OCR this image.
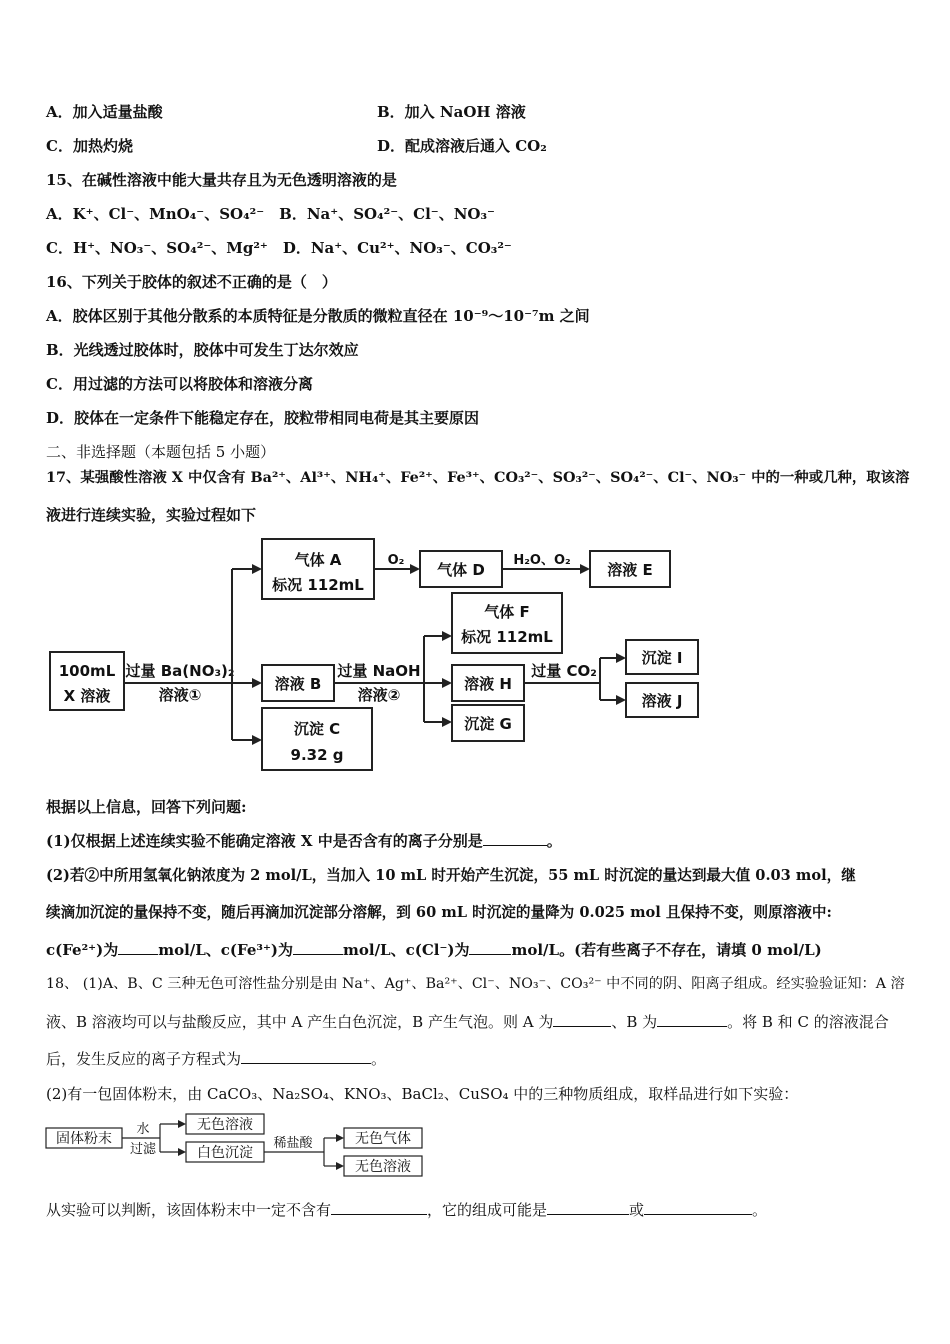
A．加入适量盐酸	B．加入 NaOH 溶液
C．加热灼烧	D．配成溶液后通入 CO₂
15、在碱性溶液中能大量共存且为无色透明溶液的是
A．K⁺、Cl⁻、MnO₄⁻、SO₄²⁻　B．Na⁺、SO₄²⁻、Cl⁻、NO₃⁻
C．H⁺、NO₃⁻、SO₄²⁻、Mg²⁺　D．Na⁺、Cu²⁺、NO₃⁻、CO₃²⁻
16、下列关于胶体的叙述不正确的是（　）
A．胶体区别于其他分散系的本质特征是分散质的微粒直径在 10⁻⁹～10⁻⁷m 之间
B．光线透过胶体时，胶体中可发生丁达尔效应
C．用过滤的方法可以将胶体和溶液分离
D．胶体在一定条件下能稳定存在，胶粒带相同电荷是其主要原因
二、非选择题（本题包括 5 小题）
17、某强酸性溶液 X 中仅含有 Ba²⁺、Al³⁺、NH₄⁺、Fe²⁺、Fe³⁺、CO₃²⁻、SO₃²⁻、SO₄²⁻、Cl⁻、NO₃⁻ 中的一种或几种，取该溶
液进行连续实验，实验过程如下
100mL
X 溶液
过量 Ba(NO₃)₂
溶液①
气体 A
标况 112mL
O₂
气体 D
H₂O、O₂
溶液 E
溶液 B
过量 NaOH
溶液②
气体 F
标况 112mL
溶液 H
沉淀 G
过量 CO₂
沉淀 I
溶液 J
沉淀 C
9.32 g
固体粉末
水
过滤
无色溶液
白色沉淀
稀盐酸	无色气体
无色溶液
根据以上信息，回答下列问题:
(1)仅根据上述连续实验不能确定溶液 X 中是否含有的离子分别是	。
(2)若②中所用氢氧化钠浓度为 2 mol/L，当加入 10 mL 时开始产生沉淀，55 mL 时沉淀的量达到最大值 0.03 mol，继
续滴加沉淀的量保持不变，随后再滴加沉淀部分溶解，到 60 mL 时沉淀的量降为 0.025 mol 且保持不变，则原溶液中:
c(Fe²⁺)为	mol/L、c(Fe³⁺)为	mol/L、c(Cl⁻)为	mol/L。(若有些离子不存在，请填 0 mol/L)
18、 (1)A、B、C 三种无色可溶性盐分别是由 Na⁺、Ag⁺、Ba²⁺、Cl⁻、NO₃⁻、CO₃²⁻ 中不同的阴、阳离子组成。经实验验证知：A 溶
液、B 溶液均可以与盐酸反应，其中 A 产生白色沉淀，B 产生气泡。则 A 为	、B 为	。将 B 和 C 的溶液混合
后，发生反应的离子方程式为	。
(2)有一包固体粉末，由 CaCO₃、Na₂SO₄、KNO₃、BaCl₂、CuSO₄ 中的三种物质组成，取样品进行如下实验：
从实验可以判断，该固体粉末中一定不含有	，它的组成可能是	或	。
